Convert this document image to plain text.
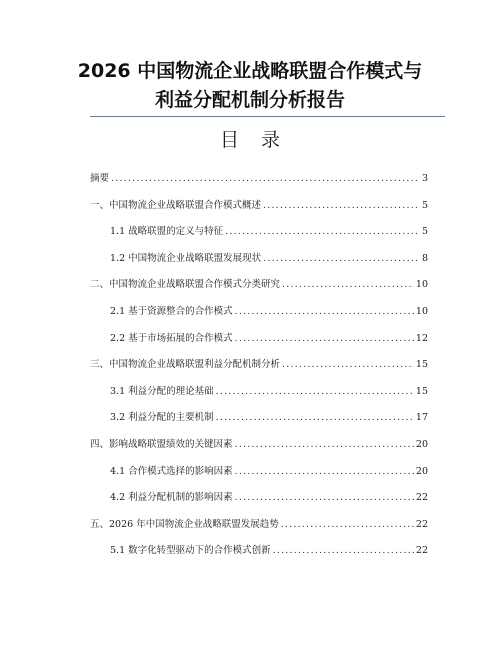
2026 中国物流企业战略联盟合作模式与
利益分配机制分析报告
目录
摘要 .....	3
一、中国物流企业战略联盟合作模式概述 .....	5
1.1 战略联盟的定义与特征 .....	5
1.2 中国物流企业战略联盟发展现状 .....	8
二、中国物流企业战略联盟合作模式分类研究 .....	10
2.1 基于资源整合的合作模式 .....	10
2.2 基于市场拓展的合作模式 .....	12
三、中国物流企业战略联盟利益分配机制分析 .....	15
3.1 利益分配的理论基础 .....	15
3.2 利益分配的主要机制 .....	17
四、影响战略联盟绩效的关键因素 .....	20
4.1 合作模式选择的影响因素 .....	20
4.2 利益分配机制的影响因素 .....	22
五、2026 年中国物流企业战略联盟发展趋势 .....	22
5.1 数字化转型驱动下的合作模式创新 .....	22
